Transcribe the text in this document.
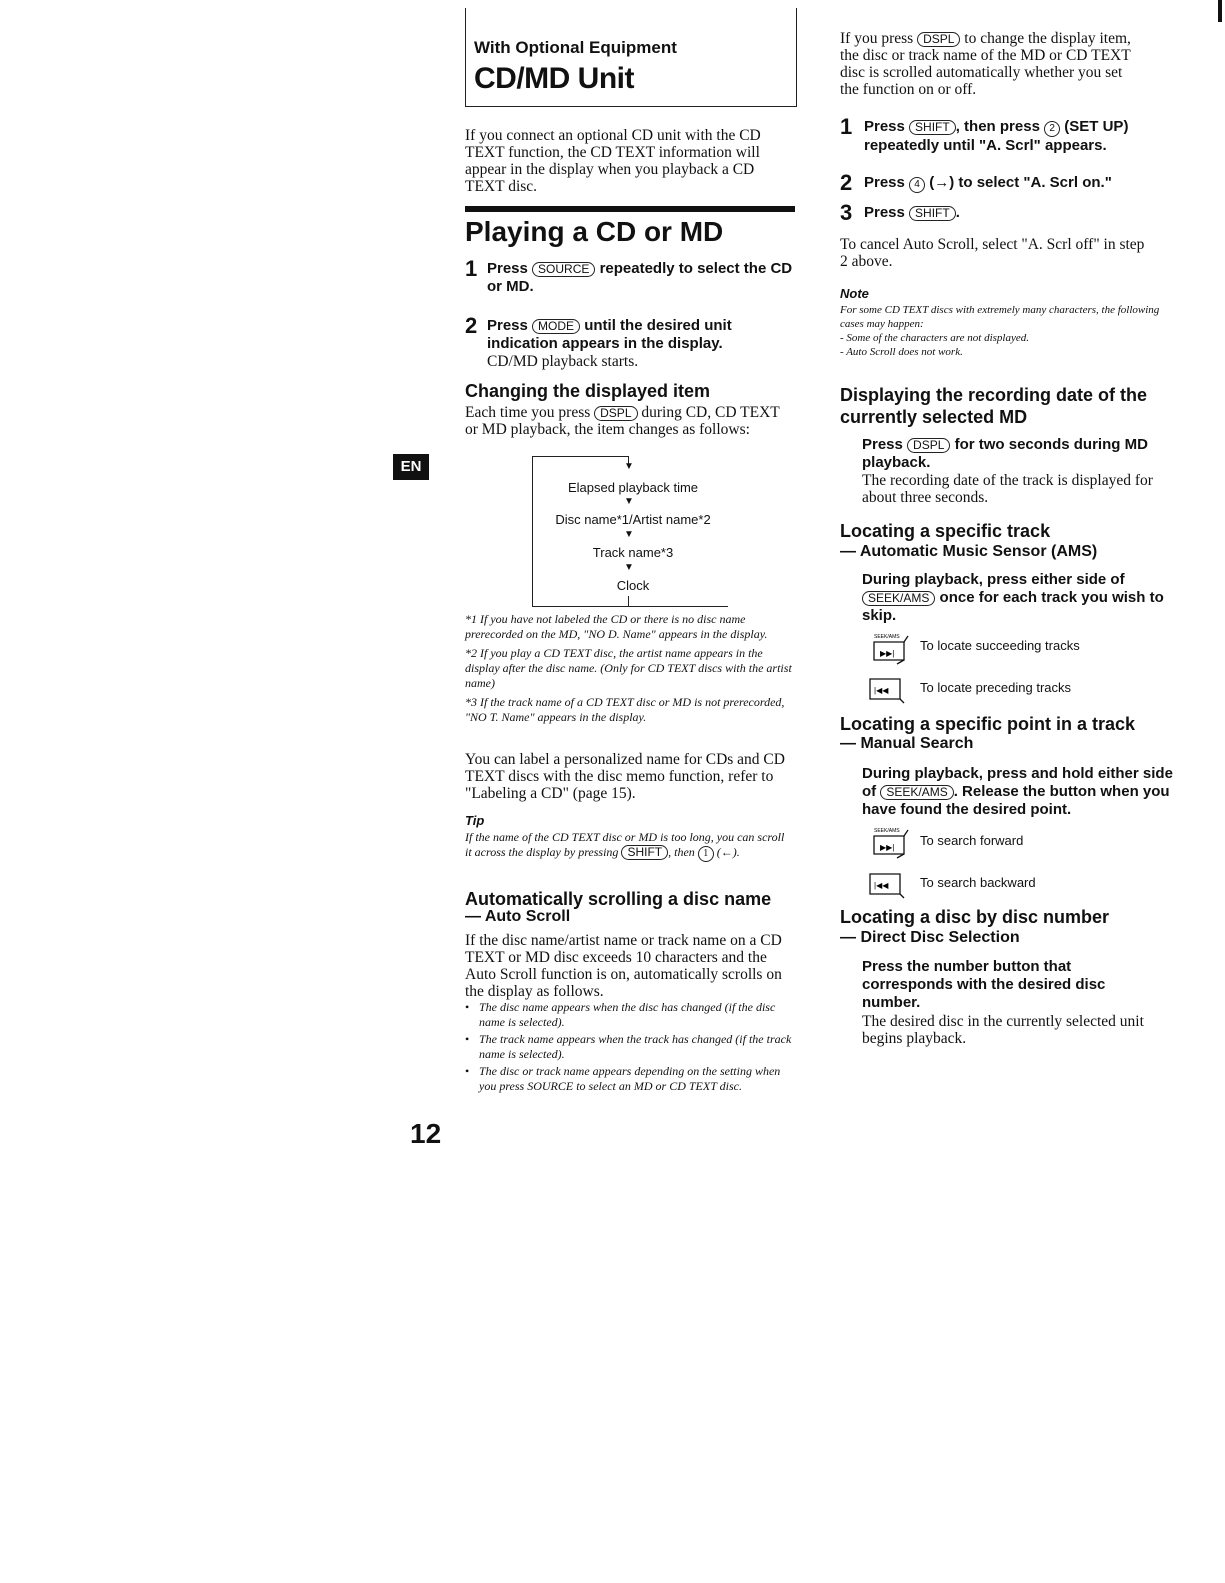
With Optional Equipment
CD/MD Unit
If you connect an optional CD unit with the CD TEXT function, the CD TEXT information will appear in the display when you playback a CD TEXT disc.
Playing a CD or MD
1 Press SOURCE repeatedly to select the CD or MD.
2 Press MODE until the desired unit indication appears in the display.
CD/MD playback starts.
Changing the displayed item
Each time you press DSPL during CD, CD TEXT or MD playback, the item changes as follows:
*1 If you have not labeled the CD or there is no disc name prerecorded on the MD, "NO D. Name" appears in the display.
*2 If you play a CD TEXT disc, the artist name appears in the display after the disc name. (Only for CD TEXT discs with the artist name)
*3 If the track name of a CD TEXT disc or MD is not prerecorded, "NO T. Name" appears in the display.
You can label a personalized name for CDs and CD TEXT discs with the disc memo function, refer to "Labeling a CD" (page 15).
Tip
If the name of the CD TEXT disc or MD is too long, you can scroll it across the display by pressing SHIFT , then 1 (←).
Automatically scrolling a disc name
— Auto Scroll
If the disc name/artist name or track name on a CD TEXT or MD disc exceeds 10 characters and the Auto Scroll function is on, automatically scrolls on the display as follows.
• The disc name appears when the disc has changed (if the disc name is selected).
• The track name appears when the track has changed (if the track name is selected).
• The disc or track name appears depending on the setting when you press SOURCE to select an MD or CD TEXT disc.
▼
Elapsed playback time
▼
Disc name*1/Artist name*2
▼
Track name*3
▼
Clock
EN
12
If you press DSPL to change the display item, the disc or track name of the MD or CD TEXT disc is scrolled automatically whether you set the function on or off.
1 Press SHIFT , then press 2 (SET UP) repeatedly until "A. Scrl" appears.
2 Press 4 (→) to select "A. Scrl on."
3 Press SHIFT .
To cancel Auto Scroll, select "A. Scrl off" in step 2 above.
Note
For some CD TEXT discs with extremely many characters, the following cases may happen:
- Some of the characters are not displayed.
- Auto Scroll does not work.
Displaying the recording date of the currently selected MD
Press DSPL for two seconds during MD playback.
The recording date of the track is displayed for about three seconds.
Locating a specific track
— Automatic Music Sensor (AMS)
During playback, press either side of SEEK/AMS once for each track you wish to skip.
SEEK/AMS
▶▶|
To locate succeeding tracks
|◀◀ To locate preceding tracks
Locating a specific point in a track
— Manual Search
During playback, press and hold either side of SEEK/AMS . Release the button when you have found the desired point.
SEEK/AMS
▶▶| To search forward
|◀◀ To search backward
Locating a disc by disc number
— Direct Disc Selection
Press the number button that corresponds with the desired disc number.
The desired disc in the currently selected unit begins playback.
